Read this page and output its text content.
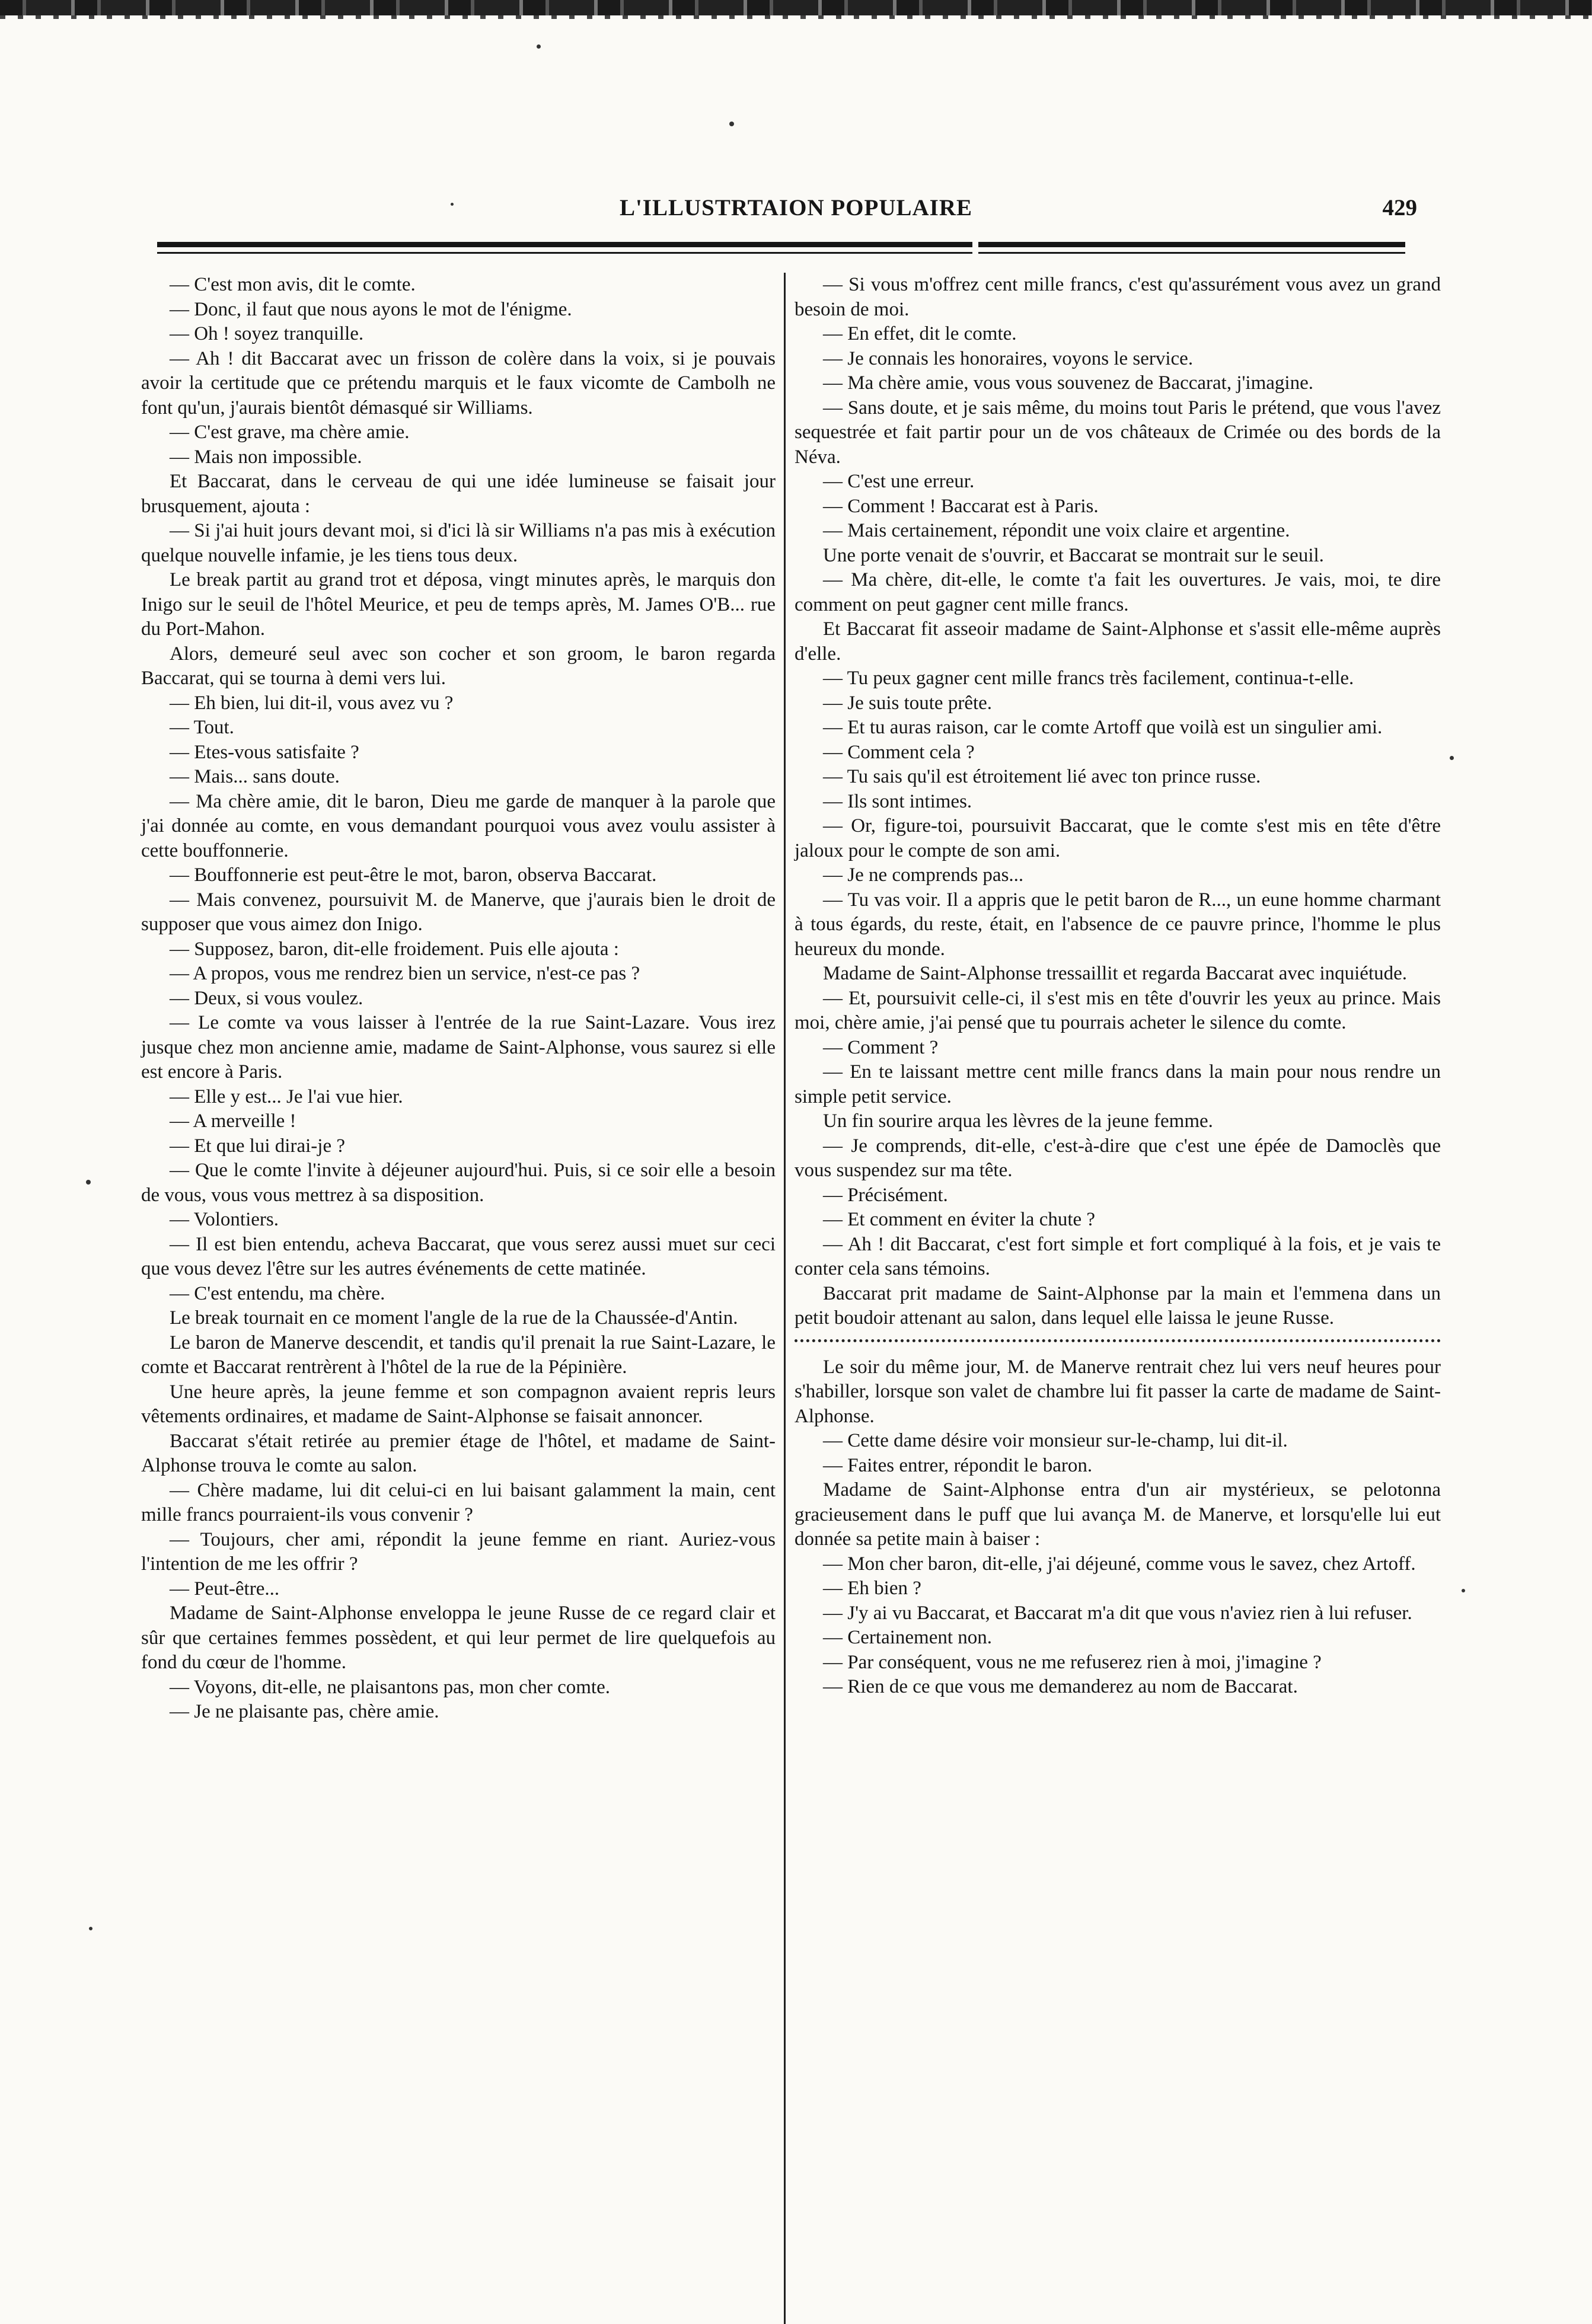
L'ILLUSTRTAION POPULAIRE	429

— C'est mon avis, dit le comte.

— Donc, il faut que nous ayons le mot de l'énigme.

— Oh ! soyez tranquille.

— Ah ! dit Baccarat avec un frisson de colère dans la voix, si je pouvais avoir la certitude que ce prétendu marquis et le faux vicomte de Cambolh ne font qu'un, j'aurais bientôt démasqué sir Williams.

— C'est grave, ma chère amie.

— Mais non impossible.

Et Baccarat, dans le cerveau de qui une idée lumineuse se faisait jour brusquement, ajouta :

— Si j'ai huit jours devant moi, si d'ici là sir Williams n'a pas mis à exécution quelque nouvelle infamie, je les tiens tous deux.

Le break partit au grand trot et déposa, vingt minutes après, le marquis don Inigo sur le seuil de l'hôtel Meurice, et peu de temps après, M. James O'B... rue du Port-Mahon.

Alors, demeuré seul avec son cocher et son groom, le baron regarda Baccarat, qui se tourna à demi vers lui.

— Eh bien, lui dit-il, vous avez vu ?

— Tout.

— Etes-vous satisfaite ?

— Mais... sans doute.

— Ma chère amie, dit le baron, Dieu me garde de manquer à la parole que j'ai donnée au comte, en vous demandant pourquoi vous avez voulu assister à cette bouffonnerie.

— Bouffonnerie est peut-être le mot, baron, observa Baccarat.

— Mais convenez, poursuivit M. de Manerve, que j'aurais bien le droit de supposer que vous aimez don Inigo.

— Supposez, baron, dit-elle froidement. Puis elle ajouta :

— A propos, vous me rendrez bien un service, n'est-ce pas ?

— Deux, si vous voulez.

— Le comte va vous laisser à l'entrée de la rue Saint-Lazare. Vous irez jusque chez mon ancienne amie, madame de Saint-Alphonse, vous saurez si elle est encore à Paris.

— Elle y est... Je l'ai vue hier.

— A merveille !

— Et que lui dirai-je ?

— Que le comte l'invite à déjeuner aujourd'hui. Puis, si ce soir elle a besoin de vous, vous vous mettrez à sa disposition.

— Volontiers.

— Il est bien entendu, acheva Baccarat, que vous serez aussi muet sur ceci que vous devez l'être sur les autres événements de cette matinée.

— C'est entendu, ma chère.

Le break tournait en ce moment l'angle de la rue de la Chaussée-d'Antin.

Le baron de Manerve descendit, et tandis qu'il prenait la rue Saint-Lazare, le comte et Baccarat rentrèrent à l'hôtel de la rue de la Pépinière.

Une heure après, la jeune femme et son compagnon avaient repris leurs vêtements ordinaires, et madame de Saint-Alphonse se faisait annoncer.

Baccarat s'était retirée au premier étage de l'hôtel, et madame de Saint-Alphonse trouva le comte au salon.

— Chère madame, lui dit celui-ci en lui baisant galamment la main, cent mille francs pourraient-ils vous convenir ?

— Toujours, cher ami, répondit la jeune femme en riant. Auriez-vous l'intention de me les offrir ?

— Peut-être...

Madame de Saint-Alphonse enveloppa le jeune Russe de ce regard clair et sûr que certaines femmes possèdent, et qui leur permet de lire quelquefois au fond du cœur de l'homme.

— Voyons, dit-elle, ne plaisantons pas, mon cher comte.

— Je ne plaisante pas, chère amie.

— Si vous m'offrez cent mille francs, c'est qu'assurément vous avez un grand besoin de moi.

— En effet, dit le comte.

— Je connais les honoraires, voyons le service.

— Ma chère amie, vous vous souvenez de Baccarat, j'imagine.

— Sans doute, et je sais même, du moins tout Paris le prétend, que vous l'avez sequestrée et fait partir pour un de vos châteaux de Crimée ou des bords de la Néva.

— C'est une erreur.

— Comment ! Baccarat est à Paris.

— Mais certainement, répondit une voix claire et argentine.

Une porte venait de s'ouvrir, et Baccarat se montrait sur le seuil.

— Ma chère, dit-elle, le comte t'a fait les ouvertures. Je vais, moi, te dire comment on peut gagner cent mille francs.

Et Baccarat fit asseoir madame de Saint-Alphonse et s'assit elle-même auprès d'elle.

— Tu peux gagner cent mille francs très facilement, continua-t-elle.

— Je suis toute prête.

— Et tu auras raison, car le comte Artoff que voilà est un singulier ami.

— Comment cela ?

— Tu sais qu'il est étroitement lié avec ton prince russe.

— Ils sont intimes.

— Or, figure-toi, poursuivit Baccarat, que le comte s'est mis en tête d'être jaloux pour le compte de son ami.

— Je ne comprends pas...

— Tu vas voir. Il a appris que le petit baron de R..., un eune homme charmant à tous égards, du reste, était, en l'absence de ce pauvre prince, l'homme le plus heureux du monde.

Madame de Saint-Alphonse tressaillit et regarda Baccarat avec inquiétude.

— Et, poursuivit celle-ci, il s'est mis en tête d'ouvrir les yeux au prince. Mais moi, chère amie, j'ai pensé que tu pourrais acheter le silence du comte.

— Comment ?

— En te laissant mettre cent mille francs dans la main pour nous rendre un simple petit service.

Un fin sourire arqua les lèvres de la jeune femme.

— Je comprends, dit-elle, c'est-à-dire que c'est une épée de Damoclès que vous suspendez sur ma tête.

— Précisément.

— Et comment en éviter la chute ?

— Ah ! dit Baccarat, c'est fort simple et fort compliqué à la fois, et je vais te conter cela sans témoins.

Baccarat prit madame de Saint-Alphonse par la main et l'emmena dans un petit boudoir attenant au salon, dans lequel elle laissa le jeune Russe.

Le soir du même jour, M. de Manerve rentrait chez lui vers neuf heures pour s'habiller, lorsque son valet de chambre lui fit passer la carte de madame de Saint-Alphonse.

— Cette dame désire voir monsieur sur-le-champ, lui dit-il.

— Faites entrer, répondit le baron.

Madame de Saint-Alphonse entra d'un air mystérieux, se pelotonna gracieusement dans le puff que lui avança M. de Manerve, et lorsqu'elle lui eut donnée sa petite main à baiser :

— Mon cher baron, dit-elle, j'ai déjeuné, comme vous le savez, chez Artoff.

— Eh bien ?

— J'y ai vu Baccarat, et Baccarat m'a dit que vous n'aviez rien à lui refuser.

— Certainement non.

— Par conséquent, vous ne me refuserez rien à moi, j'imagine ?

— Rien de ce que vous me demanderez au nom de Baccarat.
